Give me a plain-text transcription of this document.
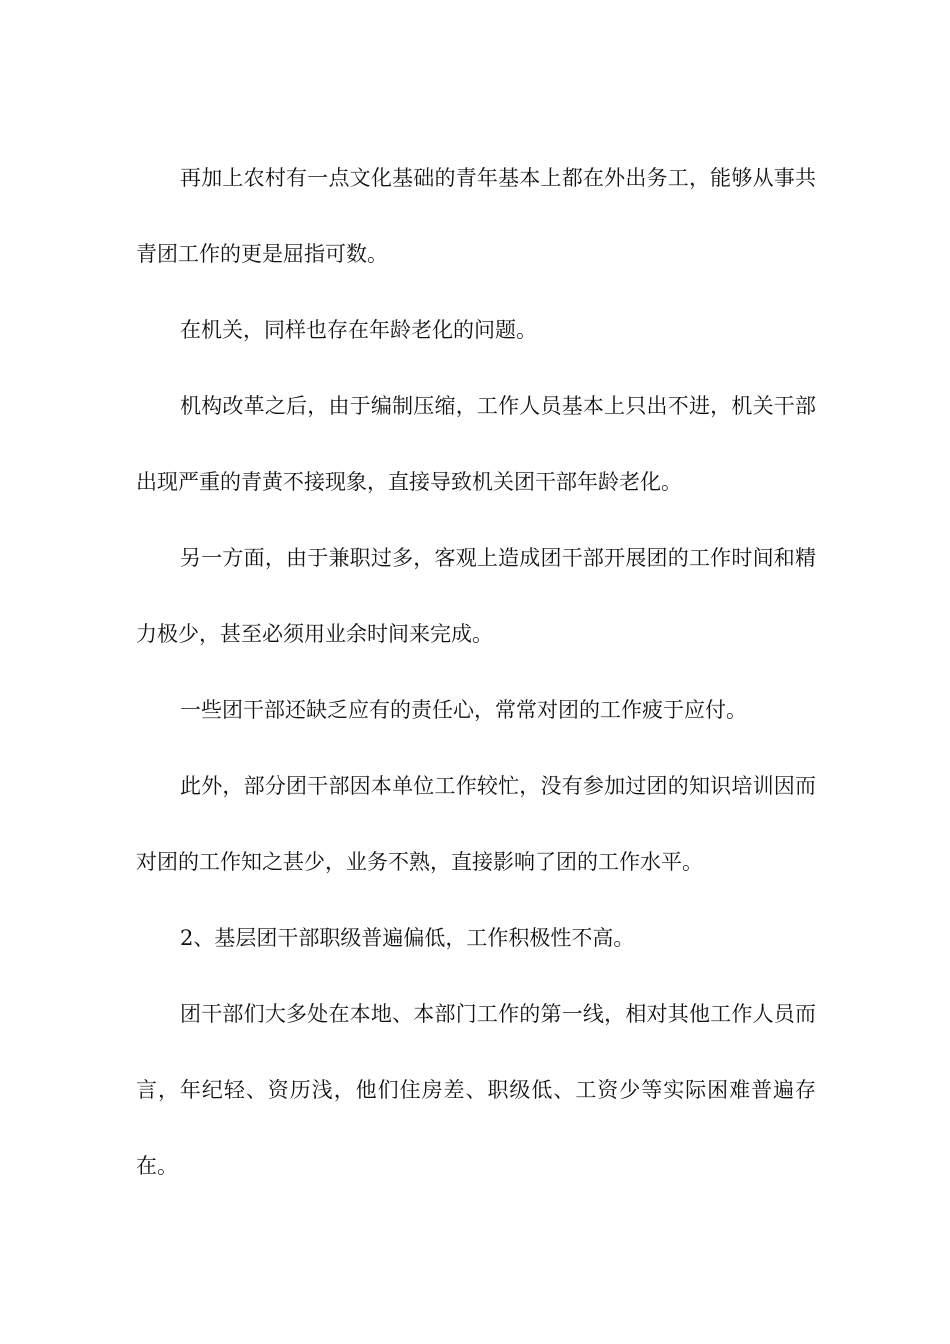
再加上农村有一点文化基础的青年基本上都在外出务工，能够从事共青团工作的更是屈指可数。

在机关，同样也存在年龄老化的问题。

机构改革之后，由于编制压缩，工作人员基本上只出不进，机关干部出现严重的青黄不接现象，直接导致机关团干部年龄老化。

另一方面，由于兼职过多，客观上造成团干部开展团的工作时间和精力极少，甚至必须用业余时间来完成。

一些团干部还缺乏应有的责任心，常常对团的工作疲于应付。

此外，部分团干部因本单位工作较忙，没有参加过团的知识培训因而对团的工作知之甚少，业务不熟，直接影响了团的工作水平。

2、基层团干部职级普遍偏低，工作积极性不高。

团干部们大多处在本地、本部门工作的第一线，相对其他工作人员而言，年纪轻、资历浅，他们住房差、职级低、工资少等实际困难普遍存在。
